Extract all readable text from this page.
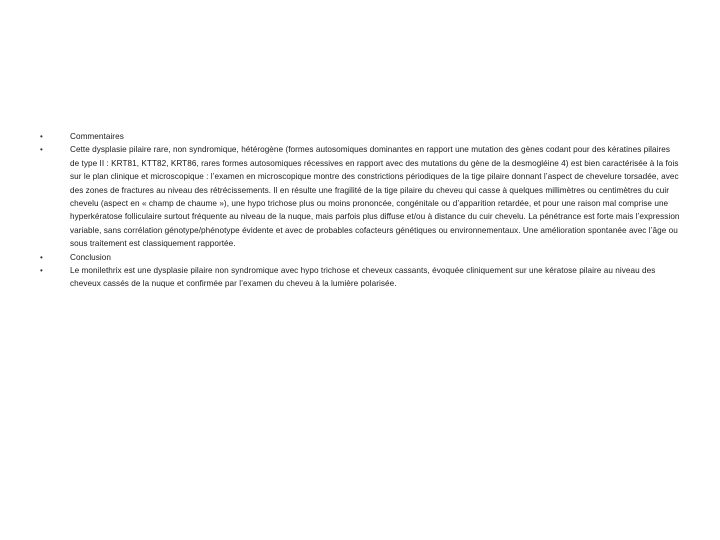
•	Commentaires
•	Cette dysplasie pilaire rare, non syndromique, hétérogène (formes autosomiques dominantes en rapport une mutation des gènes codant pour des kératines pilaires de type II : KRT81, KTT82, KRT86, rares formes autosomiques récessives en rapport avec des mutations du gène de la desmogléine 4) est bien caractérisée à la fois sur le plan clinique et microscopique : l’examen en microscopique montre des constrictions périodiques de la tige pilaire donnant l’aspect de chevelure torsadée, avec des zones de fractures au niveau des rétrécissements. Il en résulte une fragilité de la tige pilaire du cheveu qui casse à quelques millimètres ou centimètres du cuir chevelu (aspect en « champ de chaume »), une hypo trichose plus ou moins prononcée, congénitale ou d’apparition retardée, et pour une raison mal comprise une hyperkératose folliculaire surtout fréquente au niveau de la nuque, mais parfois plus diffuse et/ou à distance du cuir chevelu. La pénétrance est forte mais l’expression variable, sans corrélation génotype/phénotype évidente et avec de probables cofacteurs génétiques ou environnementaux. Une amélioration spontanée avec l’âge ou sous traitement est classiquement rapportée.
•	Conclusion
•	Le monilethrix est une dysplasie pilaire non syndromique avec hypo trichose et cheveux cassants, évoquée cliniquement sur une kératose pilaire au niveau des cheveux cassés de la nuque et confirmée par l’examen du cheveu à la lumière polarisée.
